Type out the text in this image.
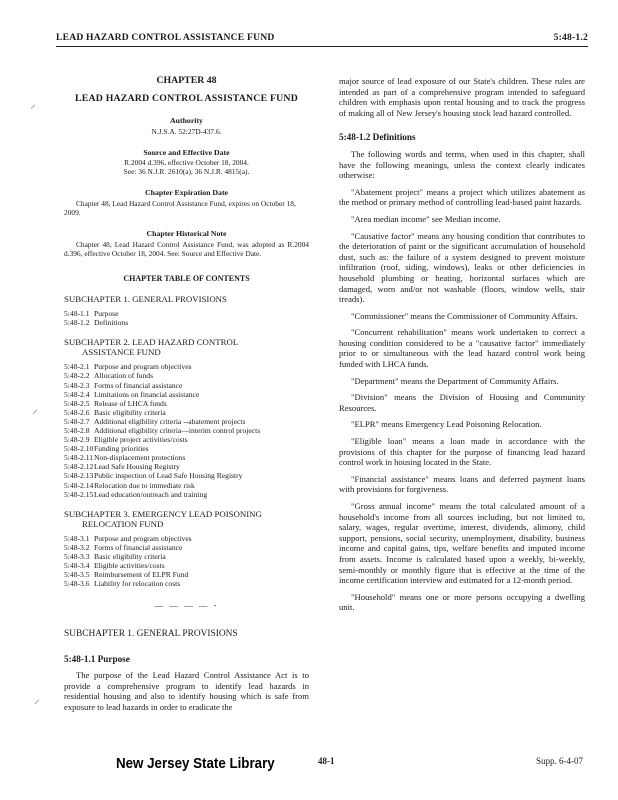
LEAD HAZARD CONTROL ASSISTANCE FUND	5:48-1.2
⸝
⸝
⸝
CHAPTER 48
LEAD HAZARD CONTROL ASSISTANCE FUND
Authority
N.J.S.A. 52:27D-437.6.
Source and Effective Date
R.2004 d.396, effective October 18, 2004.
See: 36 N.J.R. 2610(a), 36 N.J.R. 4815(a).
Chapter Expiration Date
Chapter 48, Lead Hazard Control Assistance Fund, expires on October 18, 2009.
Chapter Historical Note
Chapter 48, Lead Hazard Control Assistance Fund, was adopted as R.2004 d.396, effective October 18, 2004. See: Source and Effective Date.
CHAPTER TABLE OF CONTENTS
SUBCHAPTER 1. GENERAL PROVISIONS
5:48-1.1 Purpose
5:48-1.2 Definitions
SUBCHAPTER 2. LEAD HAZARD CONTROL
ASSISTANCE FUND
5:48-2.1 Purpose and program objectives
5:48-2.2 Allocation of funds
5:48-2.3 Forms of financial assistance
5:48-2.4 Limitations on financial assistance
5:48-2.5 Release of LHCA funds
5:48-2.6 Basic eligibility criteria
5:48-2.7 Additional eligibility criteria --abatement projects
5:48-2.8 Additional eligibility criteria—interim control projects
5:48-2.9 Eligible project activities/costs
5:48-2.10 Funding priorities
5:48-2.11 Non-displacement protections
5:48-2.12 Lead Safe Housing Registry
5:48-2.13 Public inspection of Lead Safe Housing Registry
5:48-2.14 Relocation due to immediate risk
5:48-2.15 Lead education/outreach and training
SUBCHAPTER 3. EMERGENCY LEAD POISONING
RELOCATION FUND
5:48-3.1 Purpose and program objectives
5:48-3.2 Forms of financial assistance
5:48-3.3 Basic eligibility criteria
5:48-3.4 Eligible activities/costs
5:48-3.5 Reimbursement of ELPR Fund
5:48-3.6 Liability for relocation costs
— — — — -
SUBCHAPTER 1. GENERAL PROVISIONS
5:48-1.1 Purpose
The purpose of the Lead Hazard Control Assistance Act is to provide a comprehensive program to identify lead hazards in residential housing and also to identify housing which is safe from exposure to lead hazards in order to eradicate the
major source of lead exposure of our State's children. These rules are intended as part of a comprehensive program intended to safeguard children with emphasis upon rental housing and to track the progress of making all of New Jersey's housing stock lead hazard controlled.
5:48-1.2 Definitions
The following words and terms, when used in this chapter, shall have the following meanings, unless the context clearly indicates otherwise:
"Abatement project" means a project which utilizes abatement as the method or primary method of controlling lead-based paint hazards.
"Area median income" see Median income.
"Causative factor" means any housing condition that contributes to the deterioration of paint or the significant accumulation of household dust, such as: the failure of a system designed to prevent moisture infiltration (roof, siding, windows), leaks or other deficiencies in household plumbing or heating, horizontal surfaces which are damaged, worn and/or not washable (floors, window wells, stair treads).
"Commissioner" means the Commissioner of Community Affairs.
"Concurrent rehabilitation" means work undertaken to correct a housing condition considered to be a "causative factor" immediately prior to or simultaneous with the lead hazard control work being funded with LHCA funds.
"Department" means the Department of Community Affairs.
"Division" means the Division of Housing and Community Resources.
"ELPR" means Emergency Lead Poisoning Relocation.
"Eligible loan" means a loan made in accordance with the provisions of this chapter for the purpose of financing lead hazard control work in housing located in the State.
"Financial assistance" means loans and deferred payment loans with provisions for forgiveness.
"Gross annual income" means the total calculated amount of a household's income from all sources including, but not limited to, salary, wages, regular overtime, interest, dividends, alimony, child support, pensions, social security, unemployment, disability, business income and capital gains, tips, welfare benefits and imputed income from assets. Income is calculated based upon a weekly, bi-weekly, semi-monthly or monthly figure that is effective at the time of the income certification interview and estimated for a 12-month period.
"Household" means one or more persons occupying a dwelling unit.
New Jersey State Library	48-1	Supp. 6-4-07
